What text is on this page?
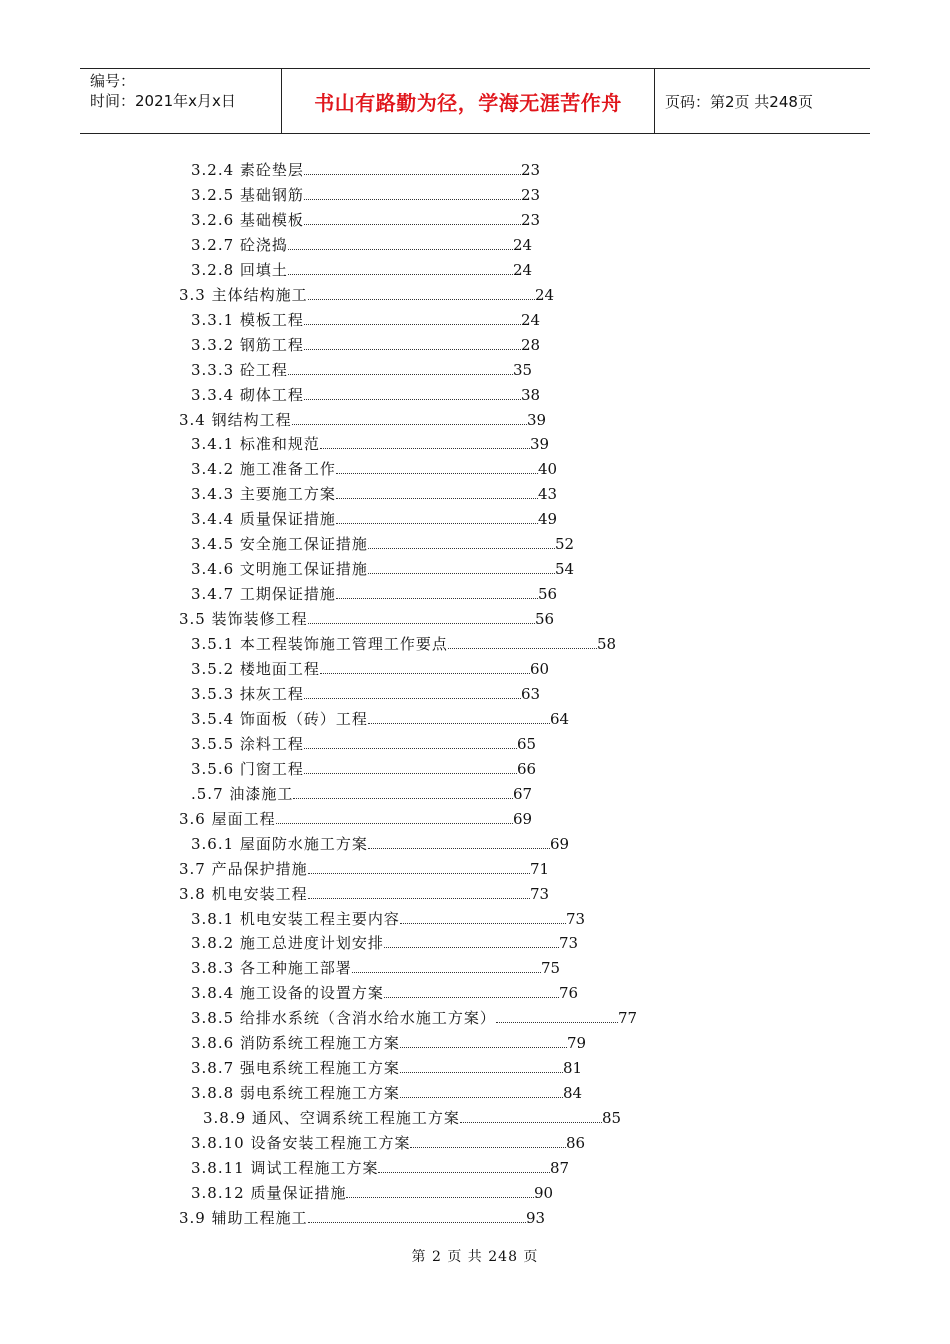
编号：
时间：2021年x月x日	书山有路勤为径，学海无涯苦作舟	页码：第2页 共248页
3.2.4 素砼垫层	23
3.2.5 基础钢筋	23
3.2.6 基础模板	23
3.2.7 砼浇捣	24
3.2.8 回填土	24
3.3 主体结构施工	24
3.3.1 模板工程	24
3.3.2 钢筋工程	28
3.3.3 砼工程	35
3.3.4 砌体工程	38
3.4 钢结构工程	39
3.4.1 标准和规范	39
3.4.2 施工准备工作	40
3.4.3 主要施工方案	43
3.4.4 质量保证措施	49
3.4.5 安全施工保证措施	52
3.4.6 文明施工保证措施	54
3.4.7 工期保证措施	56
3.5 装饰装修工程	56
3.5.1 本工程装饰施工管理工作要点	58
3.5.2 楼地面工程	60
3.5.3 抹灰工程	63
3.5.4 饰面板（砖）工程	64
3.5.5 涂料工程	65
3.5.6 门窗工程	66
.5.7 油漆施工	67
3.6 屋面工程	69
3.6.1 屋面防水施工方案	69
3.7 产品保护措施	71
3.8 机电安装工程	73
3.8.1 机电安装工程主要内容	73
3.8.2 施工总进度计划安排	73
3.8.3 各工种施工部署	75
3.8.4 施工设备的设置方案	76
3.8.5 给排水系统（含消水给水施工方案）	77
3.8.6 消防系统工程施工方案	79
3.8.7 强电系统工程施工方案	81
3.8.8 弱电系统工程施工方案	84
3.8.9 通风、空调系统工程施工方案	85
3.8.10 设备安装工程施工方案	86
3.8.11 调试工程施工方案	87
3.8.12 质量保证措施	90
3.9 辅助工程施工	93
第 2 页 共 248 页
